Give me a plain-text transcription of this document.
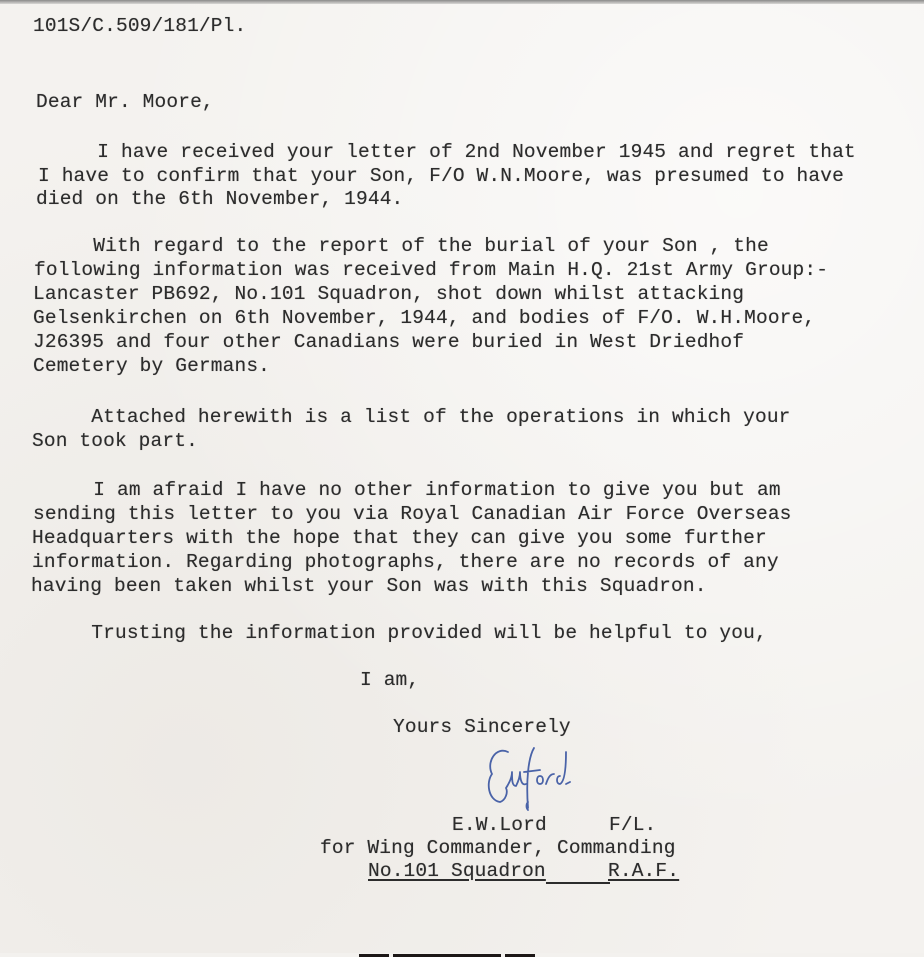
101S/C.509/181/Pl.
Dear Mr. Moore,
I have received your letter of 2nd November 1945 and regret that
I have to confirm that your Son, F/O W.N.Moore, was presumed to have
died on the 6th November, 1944.
With regard to the report of the burial of your Son , the
following information was received from Main H.Q. 21st Army Group:-
Lancaster PB692, No.101 Squadron, shot down whilst attacking
Gelsenkirchen on 6th November, 1944, and bodies of F/O. W.H.Moore,
J26395 and four other Canadians were buried in West Driedhof
Cemetery by Germans.
Attached herewith is a list of the operations in which your
Son took part.
I am afraid I have no other information to give you but am
sending this letter to you via Royal Canadian Air Force Overseas
Headquarters with the hope that they can give you some further
information. Regarding photographs, there are no records of any
having been taken whilst your Son was with this Squadron.
Trusting the information provided will be helpful to you,
I am,
Yours Sincerely
E.W.Lord	F/L.
for Wing Commander, Commanding
No.101 Squadron	R.A.F.
